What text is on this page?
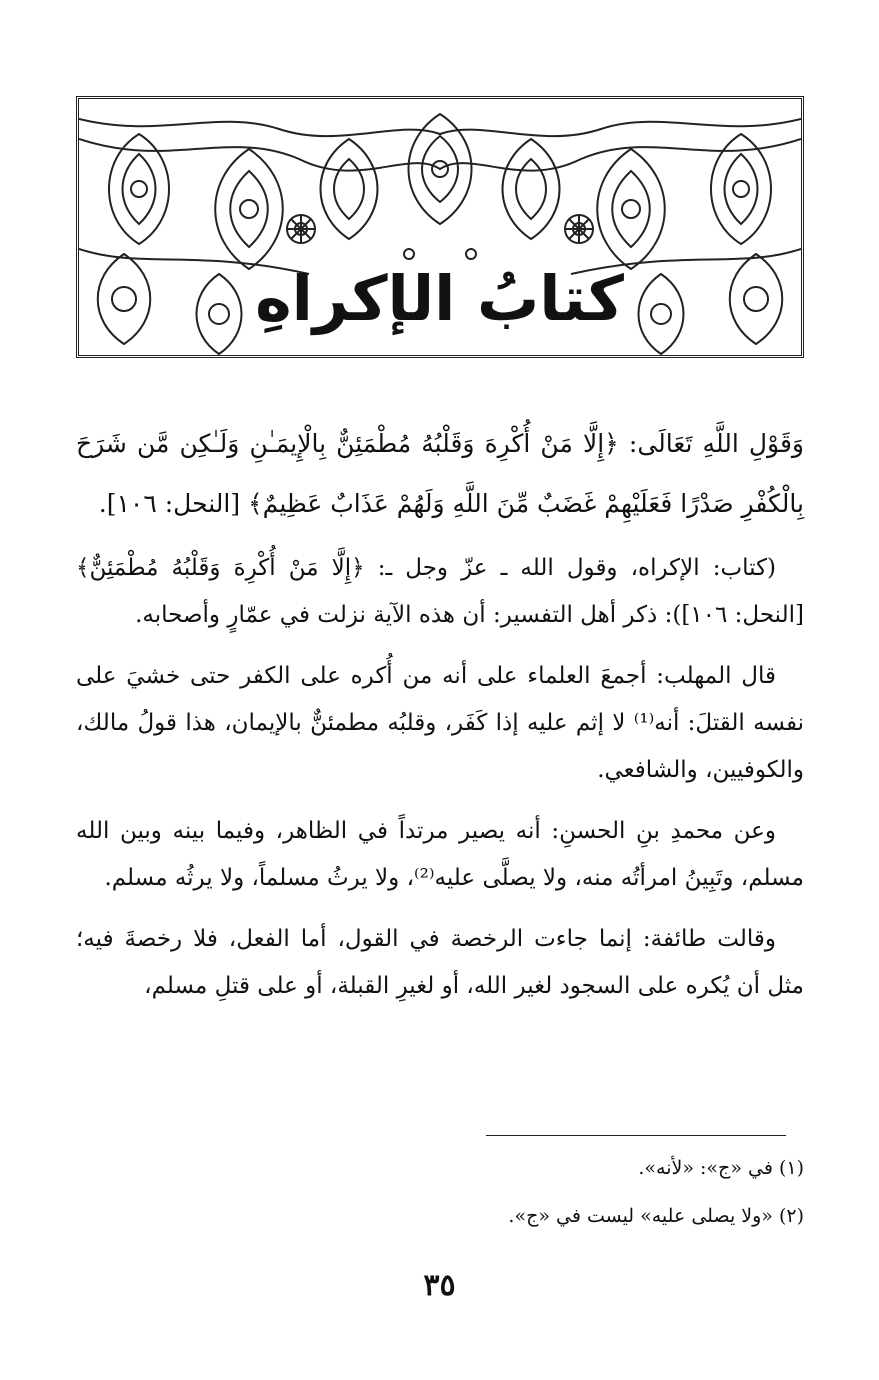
كتابُ الإكراهِ

وَقَوْلِ اللَّهِ تَعَالَى: ﴿إِلَّا مَنْ أُكْرِهَ وَقَلْبُهُ مُطْمَئِنٌّ بِالْإِيمَـٰنِ وَلَـٰكِن مَّن شَرَحَ بِالْكُفْرِ صَدْرًا فَعَلَيْهِمْ غَضَبٌ مِّنَ اللَّهِ وَلَهُمْ عَذَابٌ عَظِيمٌ﴾ [النحل: ١٠٦].

(كتاب: الإكراه، وقول الله ـ عزّ وجل ـ: ﴿إِلَّا مَنْ أُكْرِهَ وَقَلْبُهُ مُطْمَئِنٌّ﴾ [النحل: ١٠٦]): ذكر أهل التفسير: أن هذه الآية نزلت في عمّارٍ وأصحابه.

قال المهلب: أجمعَ العلماء على أنه من أُكره على الكفر حتى خشيَ على نفسه القتلَ: أنه⁽¹⁾ لا إثم عليه إذا كَفَر، وقلبُه مطمئنٌّ بالإيمان، هذا قولُ مالك، والكوفيين، والشافعي.

وعن محمدِ بنِ الحسنِ: أنه يصير مرتداً في الظاهر، وفيما بينه وبين الله مسلم، وتَبِينُ امرأتُه منه، ولا يصلَّى عليه⁽²⁾، ولا يرثُ مسلماً، ولا يرثُه مسلم.

وقالت طائفة: إنما جاءت الرخصة في القول، أما الفعل، فلا رخصةَ فيه؛ مثل أن يُكره على السجود لغير الله، أو لغيرِ القبلة، أو على قتلِ مسلم،

(١) في «ج»: «لأنه».
(٢) «ولا يصلى عليه» ليست في «ج».
٣٥
